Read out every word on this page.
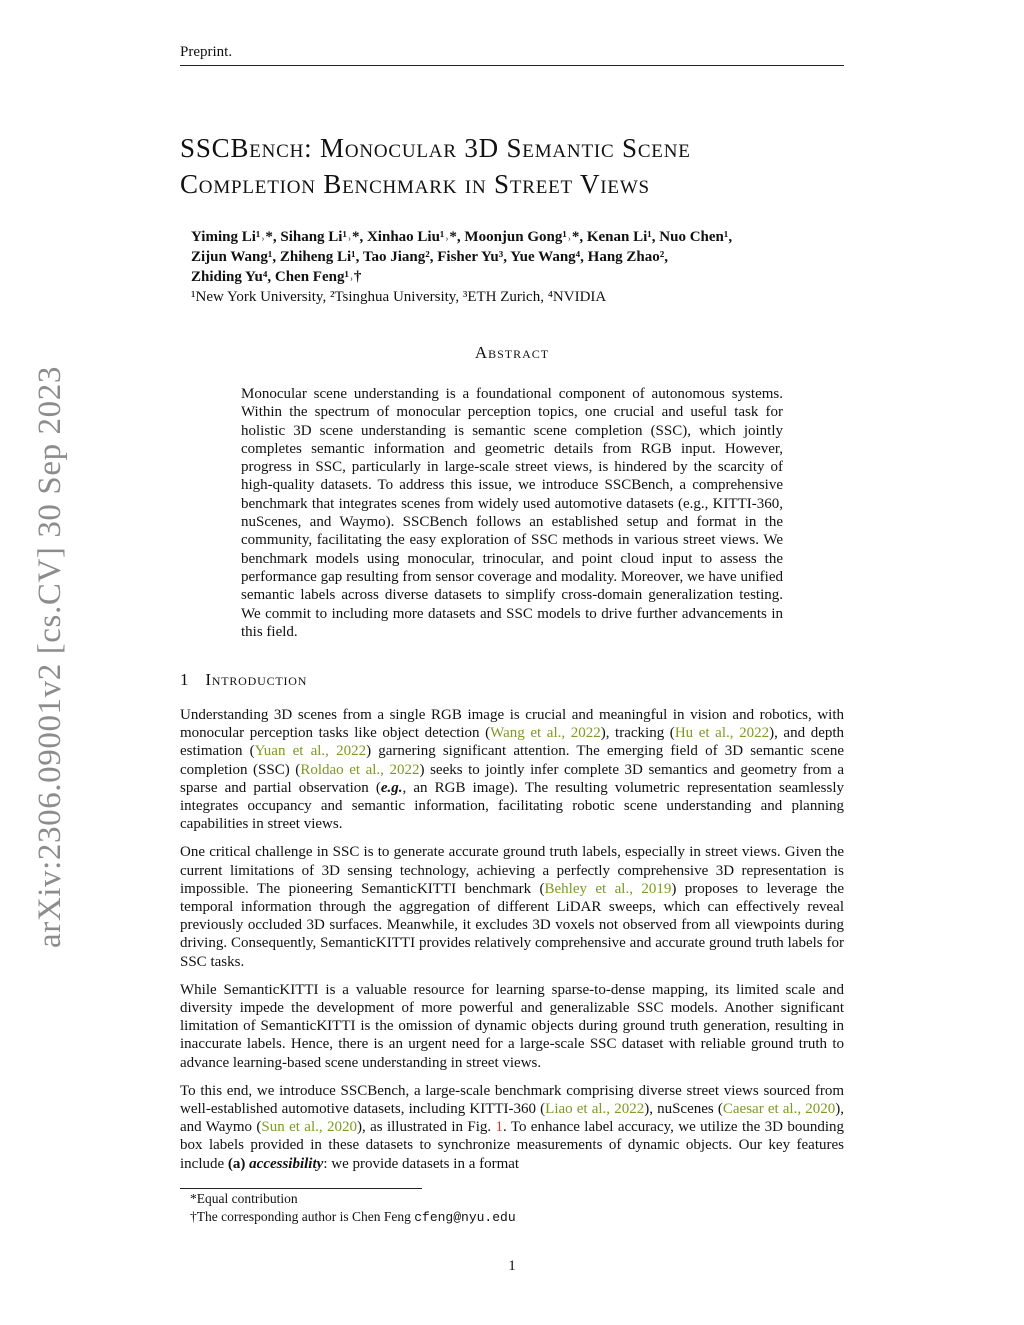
Preprint.
arXiv:2306.09001v2 [cs.CV] 30 Sep 2023
SSCBench: Monocular 3D Semantic Scene
Completion Benchmark in Street Views
Yiming Li¹˒*, Sihang Li¹˒*, Xinhao Liu¹˒*, Moonjun Gong¹˒*, Kenan Li¹, Nuo Chen¹,
Zijun Wang¹, Zhiheng Li¹, Tao Jiang², Fisher Yu³, Yue Wang⁴, Hang Zhao²,
Zhiding Yu⁴, Chen Feng¹˒†
¹New York University, ²Tsinghua University, ³ETH Zurich, ⁴NVIDIA
Abstract
Monocular scene understanding is a foundational component of autonomous systems. Within the spectrum of monocular perception topics, one crucial and useful task for holistic 3D scene understanding is semantic scene completion (SSC), which jointly completes semantic information and geometric details from RGB input. However, progress in SSC, particularly in large-scale street views, is hindered by the scarcity of high-quality datasets. To address this issue, we introduce SSCBench, a comprehensive benchmark that integrates scenes from widely used automotive datasets (e.g., KITTI-360, nuScenes, and Waymo). SSCBench follows an established setup and format in the community, facilitating the easy exploration of SSC methods in various street views. We benchmark models using monocular, trinocular, and point cloud input to assess the performance gap resulting from sensor coverage and modality. Moreover, we have unified semantic labels across diverse datasets to simplify cross-domain generalization testing. We commit to including more datasets and SSC models to drive further advancements in this field.
1 Introduction

Understanding 3D scenes from a single RGB image is crucial and meaningful in vision and robotics, with monocular perception tasks like object detection (Wang et al., 2022), tracking (Hu et al., 2022), and depth estimation (Yuan et al., 2022) garnering significant attention. The emerging field of 3D semantic scene completion (SSC) (Roldao et al., 2022) seeks to jointly infer complete 3D semantics and geometry from a sparse and partial observation (e.g., an RGB image). The resulting volumetric representation seamlessly integrates occupancy and semantic information, facilitating robotic scene understanding and planning capabilities in street views.

One critical challenge in SSC is to generate accurate ground truth labels, especially in street views. Given the current limitations of 3D sensing technology, achieving a perfectly comprehensive 3D representation is impossible. The pioneering SemanticKITTI benchmark (Behley et al., 2019) proposes to leverage the temporal information through the aggregation of different LiDAR sweeps, which can effectively reveal previously occluded 3D surfaces. Meanwhile, it excludes 3D voxels not observed from all viewpoints during driving. Consequently, SemanticKITTI provides relatively comprehensive and accurate ground truth labels for SSC tasks.

While SemanticKITTI is a valuable resource for learning sparse-to-dense mapping, its limited scale and diversity impede the development of more powerful and generalizable SSC models. Another significant limitation of SemanticKITTI is the omission of dynamic objects during ground truth generation, resulting in inaccurate labels. Hence, there is an urgent need for a large-scale SSC dataset with reliable ground truth to advance learning-based scene understanding in street views.

To this end, we introduce SSCBench, a large-scale benchmark comprising diverse street views sourced from well-established automotive datasets, including KITTI-360 (Liao et al., 2022), nuScenes (Caesar et al., 2020), and Waymo (Sun et al., 2020), as illustrated in Fig. 1. To enhance label accuracy, we utilize the 3D bounding box labels provided in these datasets to synchronize measurements of dynamic objects. Our key features include (a) accessibility: we provide datasets in a format

*Equal contribution
†The corresponding author is Chen Feng cfeng@nyu.edu
1
